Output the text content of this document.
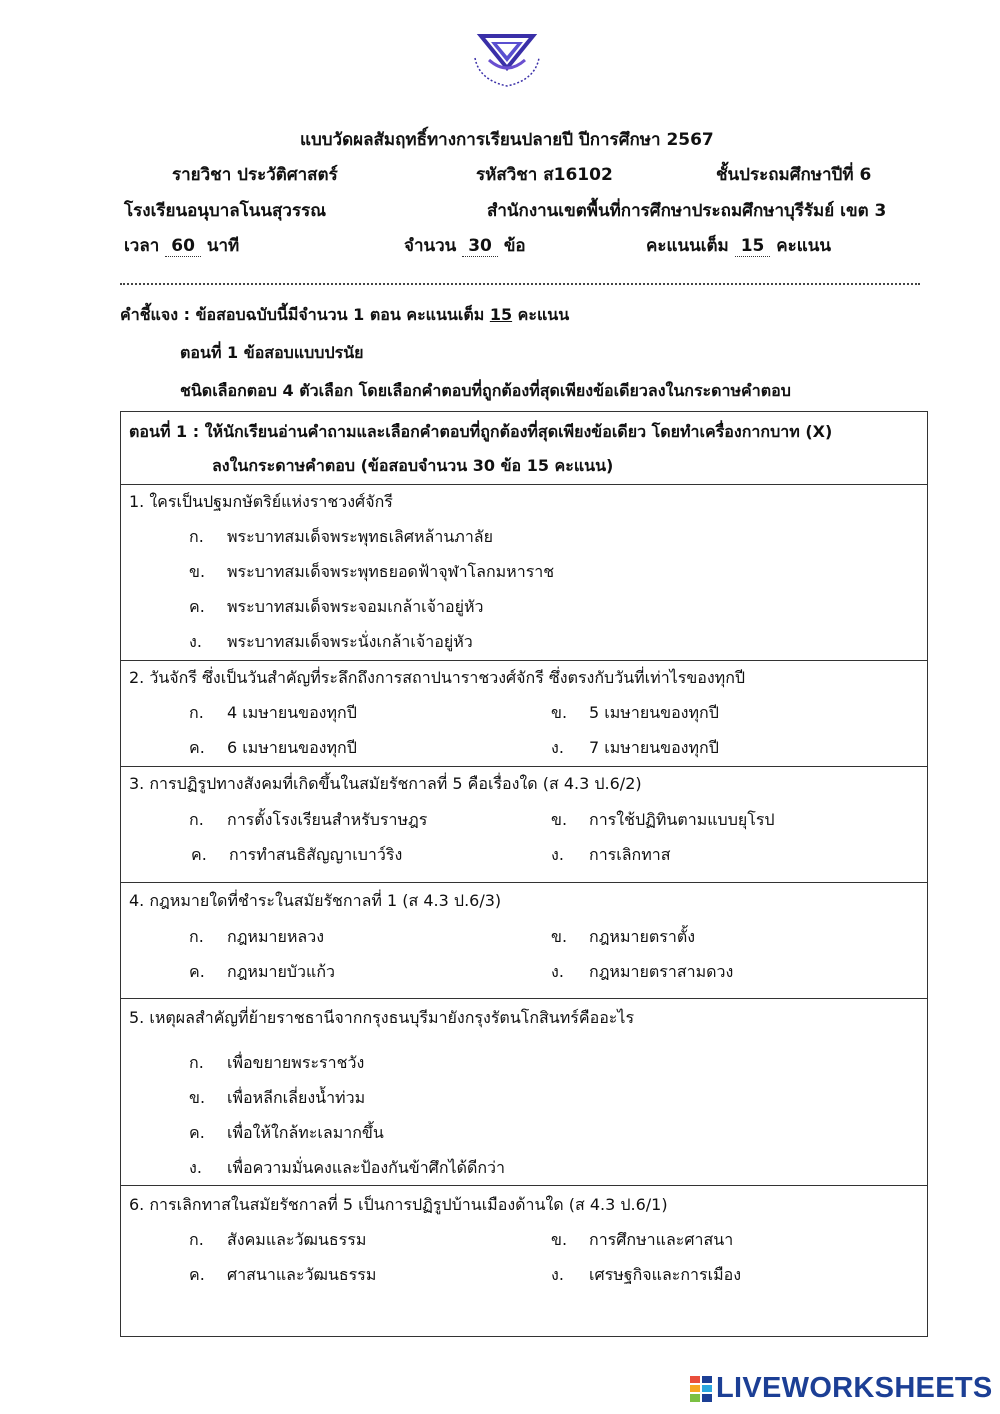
แบบวัดผลสัมฤทธิ์ทางการเรียนปลายปี ปีการศึกษา 2567
รายวิชา ประวัติศาสตร์	รหัสวิชา ส16102	ชั้นประถมศึกษาปีที่ 6
โรงเรียนอนุบาลโนนสุวรรณ	สำนักงานเขตพื้นที่การศึกษาประถมศึกษาบุรีรัมย์ เขต 3
เวลา 60 นาที	จำนวน 30 ข้อ	คะแนนเต็ม 15 คะแนน
คำชี้แจง : ข้อสอบฉบับนี้มีจำนวน 1 ตอน คะแนนเต็ม 15 คะแนน
ตอนที่ 1 ข้อสอบแบบปรนัย
ชนิดเลือกตอบ 4 ตัวเลือก โดยเลือกคำตอบที่ถูกต้องที่สุดเพียงข้อเดียวลงในกระดาษคำตอบ
ตอนที่ 1 : ให้นักเรียนอ่านคำถามและเลือกคำตอบที่ถูกต้องที่สุดเพียงข้อเดียว โดยทำเครื่องกากบาท (X)
ลงในกระดาษคำตอบ (ข้อสอบจำนวน 30 ข้อ 15 คะแนน)
1. ใครเป็นปฐมกษัตริย์แห่งราชวงศ์จักรี
ก. พระบาทสมเด็จพระพุทธเลิศหล้านภาลัย
ข. พระบาทสมเด็จพระพุทธยอดฟ้าจุฬาโลกมหาราช
ค. พระบาทสมเด็จพระจอมเกล้าเจ้าอยู่หัว
ง. พระบาทสมเด็จพระนั่งเกล้าเจ้าอยู่หัว
2. วันจักรี ซึ่งเป็นวันสำคัญที่ระลึกถึงการสถาปนาราชวงศ์จักรี ซึ่งตรงกับวันที่เท่าไรของทุกปี
ก. 4 เมษายนของทุกปี	ข. 5 เมษายนของทุกปี
ค. 6 เมษายนของทุกปี	ง. 7 เมษายนของทุกปี
3. การปฏิรูปทางสังคมที่เกิดขึ้นในสมัยรัชกาลที่ 5 คือเรื่องใด (ส 4.3 ป.6/2)
ก. การตั้งโรงเรียนสำหรับราษฎร	ข. การใช้ปฏิทินตามแบบยุโรป
ค. การทำสนธิสัญญาเบาว์ริง	ง. การเลิกทาส
4. กฎหมายใดที่ชำระในสมัยรัชกาลที่ 1 (ส 4.3 ป.6/3)
ก. กฎหมายหลวง	ข. กฎหมายตราตั้ง
ค. กฎหมายบัวแก้ว	ง. กฎหมายตราสามดวง
5. เหตุผลสำคัญที่ย้ายราชธานีจากกรุงธนบุรีมายังกรุงรัตนโกสินทร์คืออะไร
ก. เพื่อขยายพระราชวัง
ข. เพื่อหลีกเลี่ยงน้ำท่วม
ค. เพื่อให้ใกล้ทะเลมากขึ้น
ง. เพื่อความมั่นคงและป้องกันข้าศึกได้ดีกว่า
6. การเลิกทาสในสมัยรัชกาลที่ 5 เป็นการปฏิรูปบ้านเมืองด้านใด (ส 4.3 ป.6/1)
ก. สังคมและวัฒนธรรม	ข. การศึกษาและศาสนา
ค. ศาสนาและวัฒนธรรม	ง. เศรษฐกิจและการเมือง
LIVEWORKSHEETS
